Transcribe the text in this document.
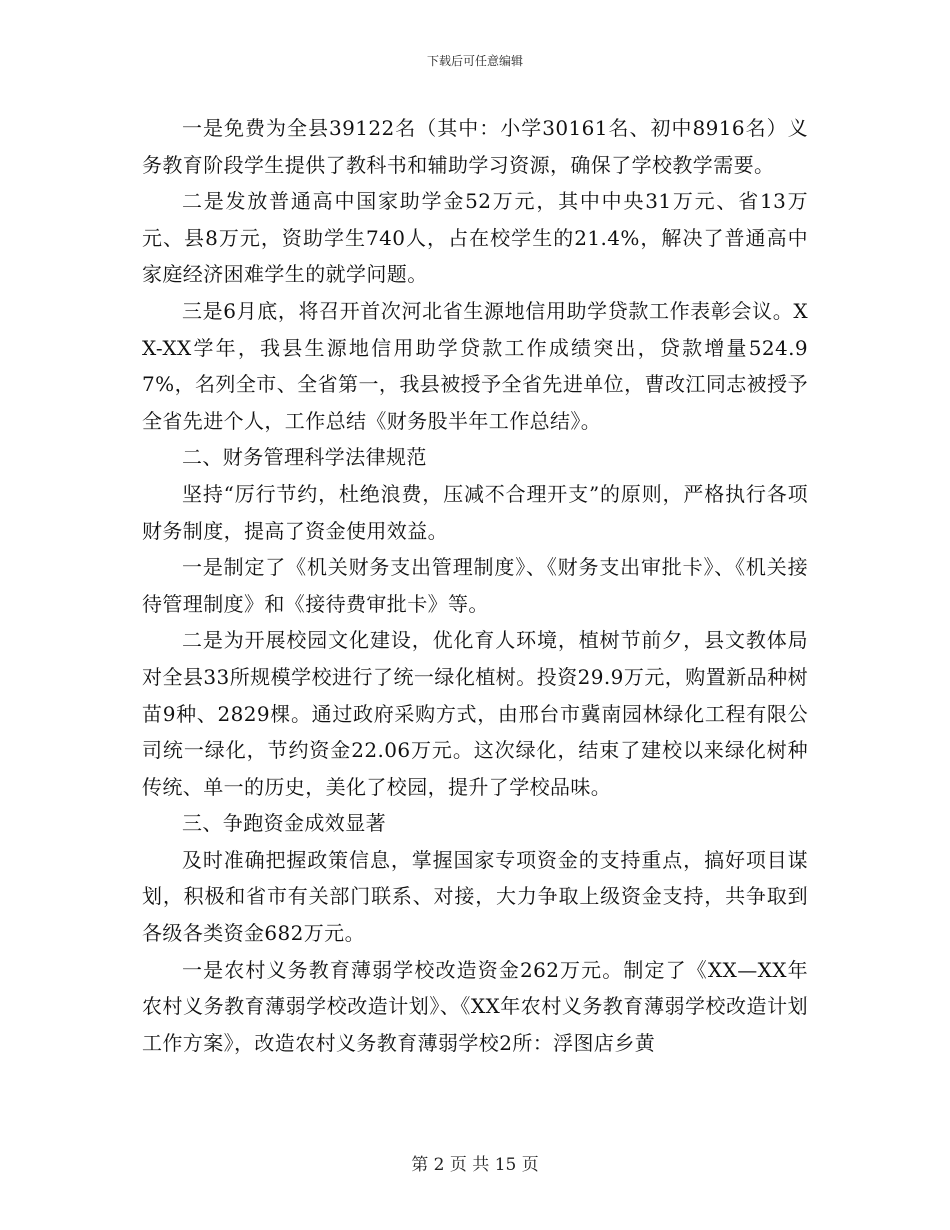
下载后可任意编辑

一是免费为全县39122名（其中：小学30161名、初中8916名）义务教育阶段学生提供了教科书和辅助学习资源，确保了学校教学需要。

二是发放普通高中国家助学金52万元，其中中央31万元、省13万元、县8万元，资助学生740人，占在校学生的21.4%，解决了普通高中家庭经济困难学生的就学问题。

三是6月底，将召开首次河北省生源地信用助学贷款工作表彰会议。XX-XX学年，我县生源地信用助学贷款工作成绩突出，贷款增量524.97%，名列全市、全省第一，我县被授予全省先进单位，曹改江同志被授予全省先进个人，工作总结《财务股半年工作总结》。

二、财务管理科学法律规范

坚持“厉行节约，杜绝浪费，压减不合理开支”的原则，严格执行各项财务制度，提高了资金使用效益。

一是制定了《机关财务支出管理制度》、《财务支出审批卡》、《机关接待管理制度》和《接待费审批卡》等。

二是为开展校园文化建设，优化育人环境，植树节前夕，县文教体局对全县33所规模学校进行了统一绿化植树。投资29.9万元，购置新品种树苗9种、2829棵。通过政府采购方式，由邢台市冀南园林绿化工程有限公司统一绿化，节约资金22.06万元。这次绿化，结束了建校以来绿化树种传统、单一的历史，美化了校园，提升了学校品味。

三、争跑资金成效显著

及时准确把握政策信息，掌握国家专项资金的支持重点，搞好项目谋划，积极和省市有关部门联系、对接，大力争取上级资金支持，共争取到各级各类资金682万元。

一是农村义务教育薄弱学校改造资金262万元。制定了《XX—XX年农村义务教育薄弱学校改造计划》、《XX年农村义务教育薄弱学校改造计划工作方案》，改造农村义务教育薄弱学校2所：浮图店乡黄

第 2 页 共 15 页
